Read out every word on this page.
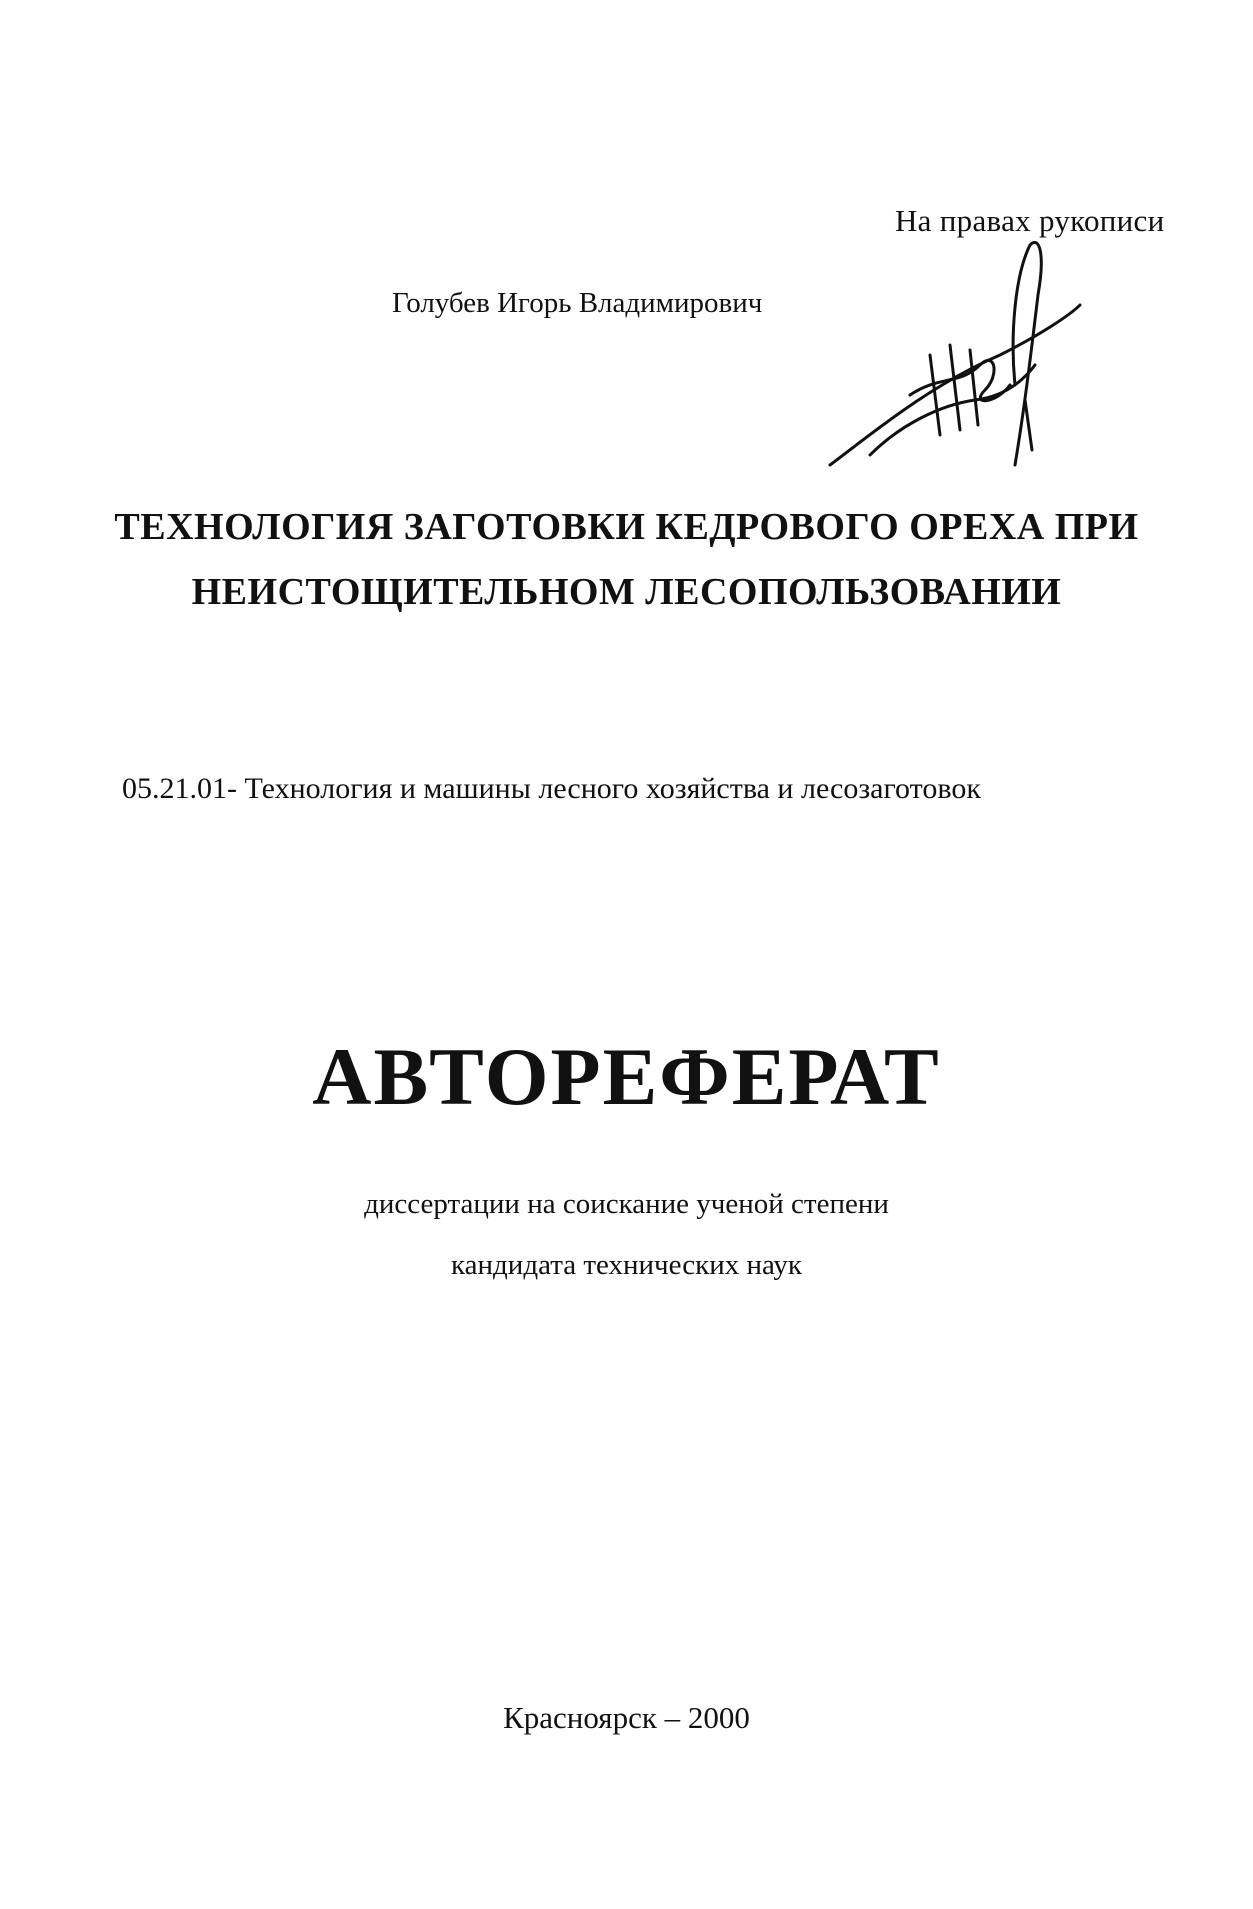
На правах рукописи
Голубев Игорь Владимирович
ТЕХНОЛОГИЯ ЗАГОТОВКИ КЕДРОВОГО ОРЕХА ПРИ
НЕИСТОЩИТЕЛЬНОМ ЛЕСОПОЛЬЗОВАНИИ
05.21.01- Технология и машины лесного хозяйства и лесозаготовок
АВТОРЕФЕРАТ
диссертации на соискание ученой степени
кандидата технических наук
Красноярск – 2000
